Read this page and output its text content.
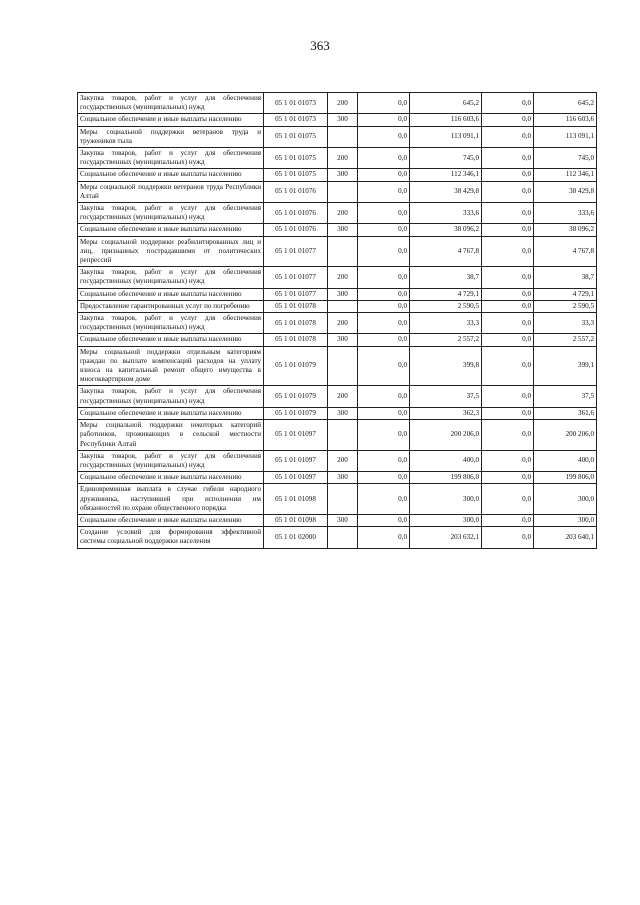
363
Закупка товаров, работ и услуг для обеспечения государственных (муниципальных) нужд	05 1 01 01073	200	0,0	645,2	0,0	645,2
Социальное обеспечение и иные выплаты населению	05 1 01 01073	300	0,0	116 603,6	0,0	116 603,6
Меры социальной поддержки ветеранов труда и тружеников тыла	05 1 01 01075		0,0	113 091,1	0,0	113 091,1
Закупка товаров, работ и услуг для обеспечения государственных (муниципальных) нужд	05 1 01 01075	200	0,0	745,0	0,0	745,0
Социальное обеспечение и иные выплаты населению	05 1 01 01075	300	0,0	112 346,1	0,0	112 346,1
Меры социальной поддержки ветеранов труда Республики Алтай	05 1 01 01076		0,0	38 429,8	0,0	38 429,8
Закупка товаров, работ и услуг для обеспечения государственных (муниципальных) нужд	05 1 01 01076	200	0,0	333,6	0,0	333,6
Социальное обеспечение и иные выплаты населению	05 1 01 01076	300	0,0	38 096,2	0,0	38 096,2
Меры социальной поддержки реабилитированных лиц и лиц, признанных пострадавшими от политических репрессий	05 1 01 01077		0,0	4 767,8	0,0	4 767,8
Закупка товаров, работ и услуг для обеспечения государственных (муниципальных) нужд	05 1 01 01077	200	0,0	38,7	0,0	38,7
Социальное обеспечение и иные выплаты населению	05 1 01 01077	300	0,0	4 729,1	0,0	4 729,1
Предоставление гарантированных услуг по погребению	05 1 01 01078		0,0	2 590,5	0,0	2 590,5
Закупка товаров, работ и услуг для обеспечения государственных (муниципальных) нужд	05 1 01 01078	200	0,0	33,3	0,0	33,3
Социальное обеспечение и иные выплаты населению	05 1 01 01078	300	0,0	2 557,2	0,0	2 557,2
Меры социальной поддержки отдельным категориям граждан по выплате компенсаций расходов на уплату взноса на капитальный ремонт общего имущества в многоквартирном доме	05 1 01 01079		0,0	399,8	0,0	399,1
Закупка товаров, работ и услуг для обеспечения государственных (муниципальных) нужд	05 1 01 01079	200	0,0	37,5	0,0	37,5
Социальное обеспечение и иные выплаты населению	05 1 01 01079	300	0,0	362,3	0,0	361,6
Меры социальной поддержки некоторых категорий работников, проживающих в сельской местности Республики Алтай	05 1 01 01097		0,0	200 206,0	0,0	200 206,0
Закупка товаров, работ и услуг для обеспечения государственных (муниципальных) нужд	05 1 01 01097	200	0,0	400,0	0,0	400,0
Социальное обеспечение и иные выплаты населению	05 1 01 01097	300	0,0	199 806,0	0,0	199 806,0
Единовременная выплата в случае гибели народного дружинника, наступившей при исполнении им обязанностей по охране общественного порядка	05 1 01 01098		0,0	300,0	0,0	300,0
Социальное обеспечение и иные выплаты населению	05 1 01 01098	300	0,0	300,0	0,0	300,0
Создание условий для формирования эффективной системы социальной поддержки населения	05 1 01 02000		0,0	203 632,1	0,0	203 640,1
